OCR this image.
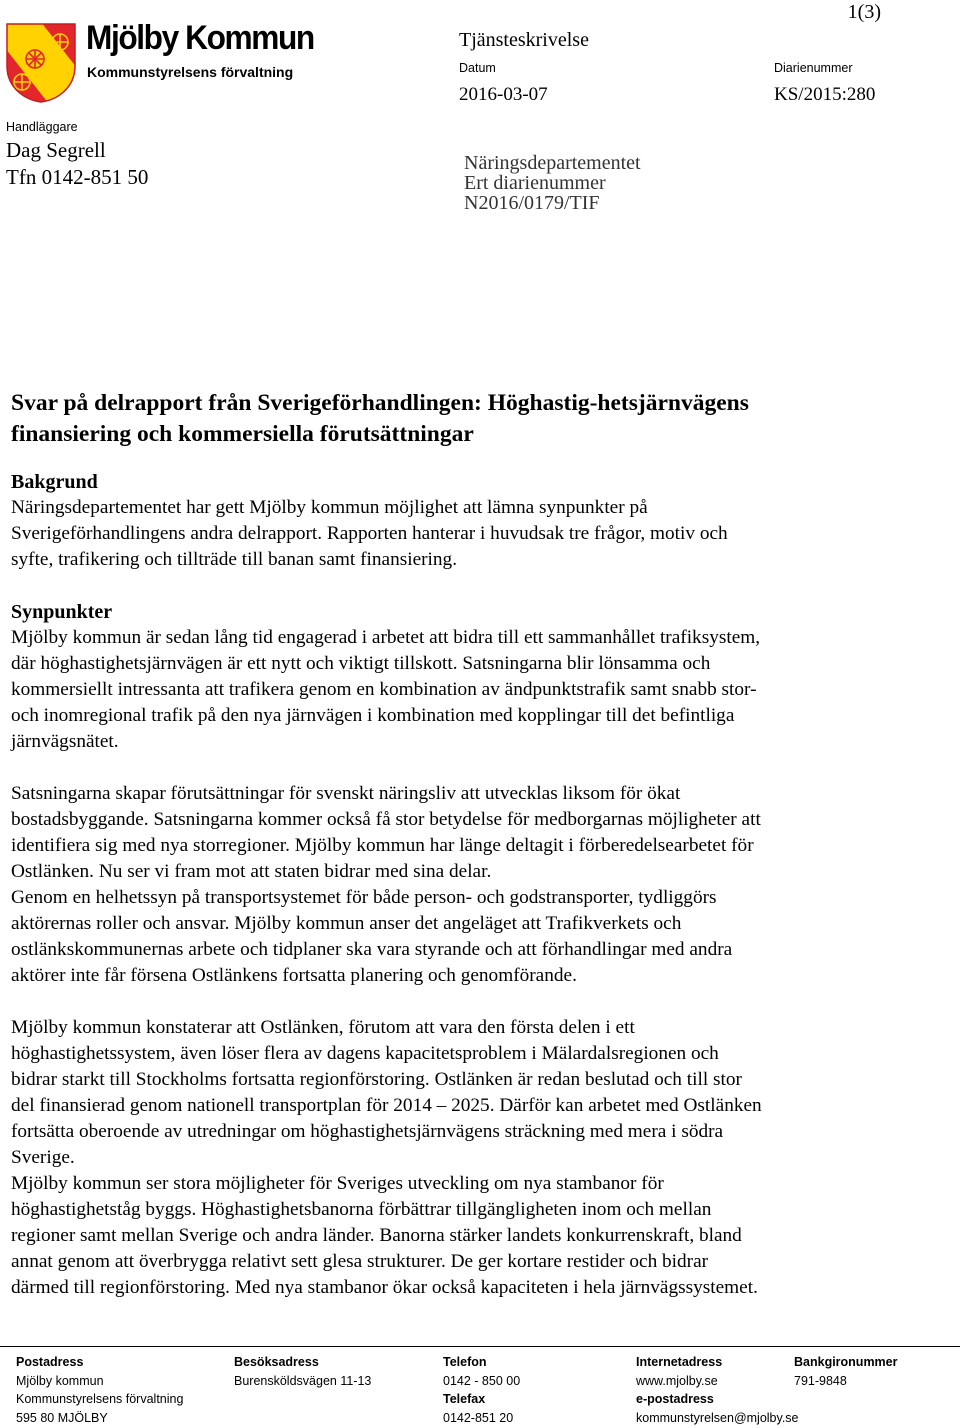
Mjölby Kommun
Kommunstyrelsens förvaltning
1(3)
Tjänsteskrivelse
Datum
2016-03-07
Diarienummer
KS/2015:280
Handläggare
Dag Segrell
Tfn 0142-851 50
Näringsdepartementet
Ert diarienummer
N2016/0179/TIF
Svar på delrapport från Sverigeförhandlingen: Höghastig-hetsjärnvägens
finansiering och kommersiella förutsättningar
Bakgrund
Näringsdepartementet har gett Mjölby kommun möjlighet att lämna synpunkter på
Sverigeförhandlingens andra delrapport. Rapporten hanterar i huvudsak tre frågor, motiv och
syfte, trafikering och tillträde till banan samt finansiering.
Synpunkter
Mjölby kommun är sedan lång tid engagerad i arbetet att bidra till ett sammanhållet trafiksystem,
där höghastighetsjärnvägen är ett nytt och viktigt tillskott. Satsningarna blir lönsamma och
kommersiellt intressanta att trafikera genom en kombination av ändpunktstrafik samt snabb stor-
och inomregional trafik på den nya järnvägen i kombination med kopplingar till det befintliga
järnvägsnätet.
Satsningarna skapar förutsättningar för svenskt näringsliv att utvecklas liksom för ökat
bostadsbyggande. Satsningarna kommer också få stor betydelse för medborgarnas möjligheter att
identifiera sig med nya storregioner. Mjölby kommun har länge deltagit i förberedelsearbetet för
Ostlänken. Nu ser vi fram mot att staten bidrar med sina delar.
Genom en helhetssyn på transportsystemet för både person- och godstransporter, tydliggörs
aktörernas roller och ansvar. Mjölby kommun anser det angeläget att Trafikverkets och
ostlänkskommunernas arbete och tidplaner ska vara styrande och att förhandlingar med andra
aktörer inte får försena Ostlänkens fortsatta planering och genomförande.
Mjölby kommun konstaterar att Ostlänken, förutom att vara den första delen i ett
höghastighetssystem, även löser flera av dagens kapacitetsproblem i Mälardalsregionen och
bidrar starkt till Stockholms fortsatta regionförstoring. Ostlänken är redan beslutad och till stor
del finansierad genom nationell transportplan för 2014 – 2025. Därför kan arbetet med Ostlänken
fortsätta oberoende av utredningar om höghastighetsjärnvägens sträckning med mera i södra
Sverige.
Mjölby kommun ser stora möjligheter för Sveriges utveckling om nya stambanor för
höghastighetståg byggs. Höghastighetsbanorna förbättrar tillgängligheten inom och mellan
regioner samt mellan Sverige och andra länder. Banorna stärker landets konkurrenskraft, bland
annat genom att överbrygga relativt sett glesa strukturer. De ger kortare restider och bidrar
därmed till regionförstoring. Med nya stambanor ökar också kapaciteten i hela järnvägssystemet.
Postadress
Mjölby kommun
Kommunstyrelsens förvaltning
595 80 MJÖLBY
Besöksadress
Burensköldsvägen 11-13
Telefon
0142 - 850 00
Telefax
0142-851 20
Internetadress
www.mjolby.se
e-postadress
kommunstyrelsen@mjolby.se
Bankgironummer
791-9848
